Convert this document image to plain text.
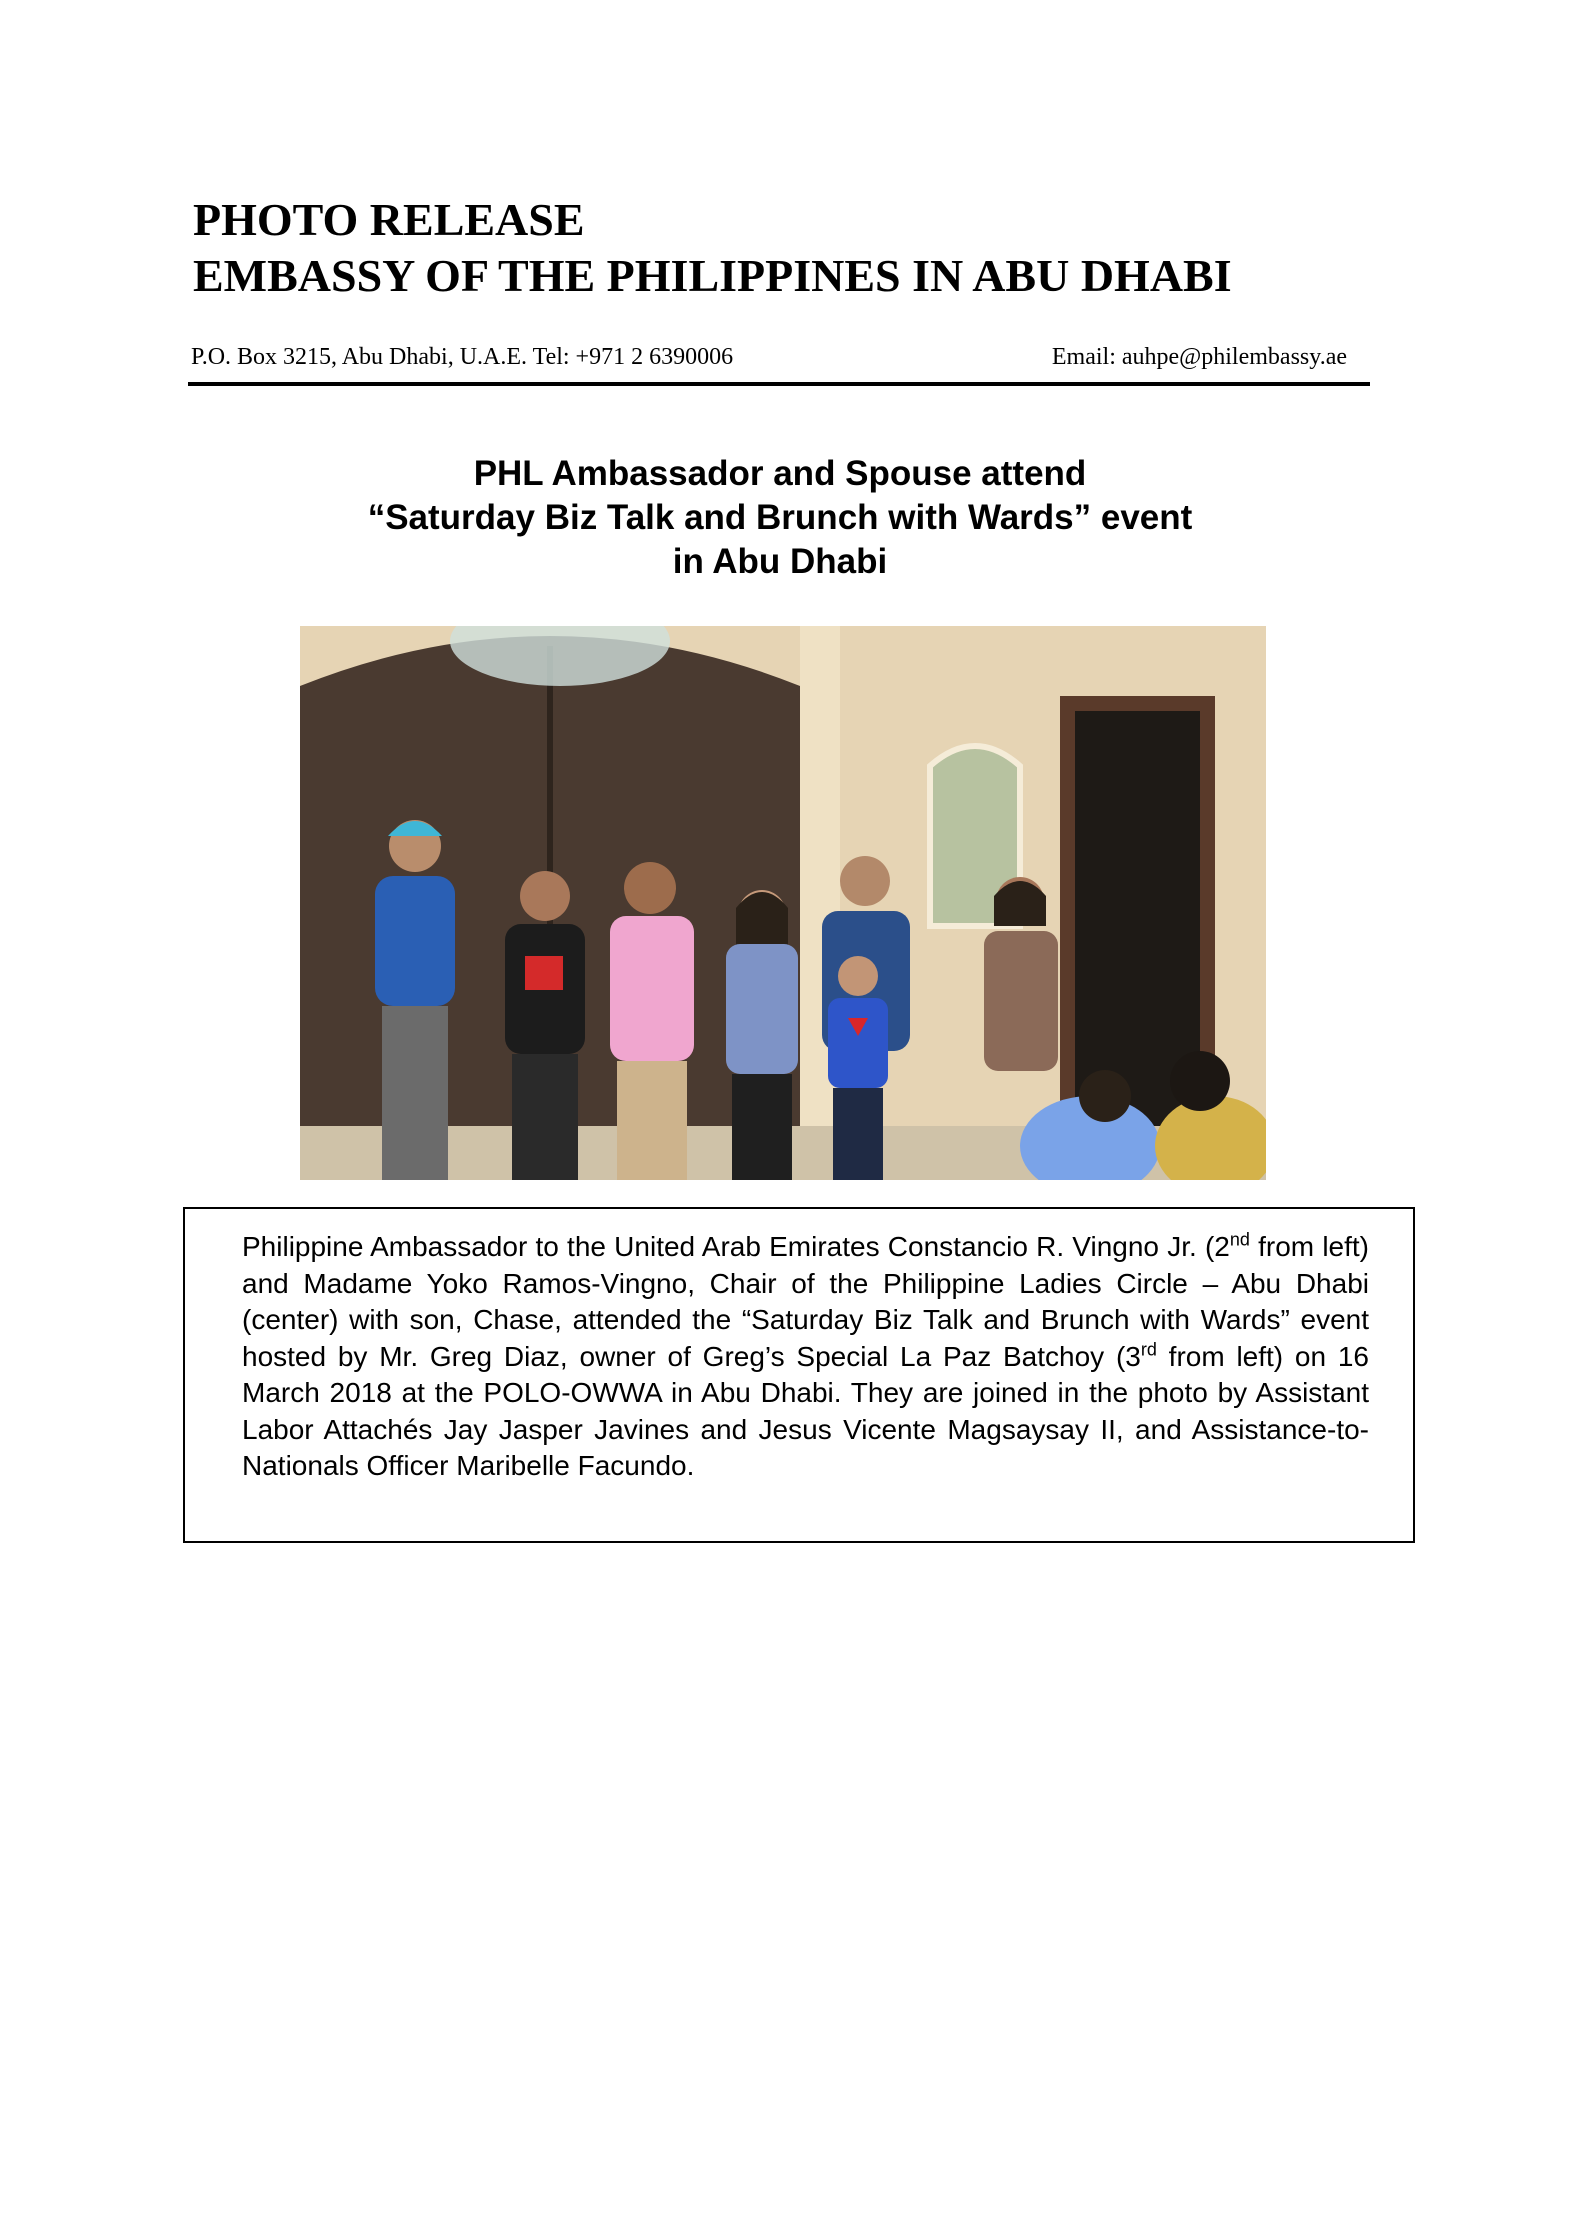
PHOTO RELEASE
EMBASSY OF THE PHILIPPINES IN ABU DHABI
P.O. Box 3215, Abu Dhabi, U.A.E. Tel: +971 2 6390006	Email: auhpe@philembassy.ae
PHL Ambassador and Spouse attend
“Saturday Biz Talk and Brunch with Wards” event
in Abu Dhabi

Philippine Ambassador to the United Arab Emirates Constancio R. Vingno Jr. (2nd from left) and Madame Yoko Ramos-Vingno, Chair of the Philippine Ladies Circle – Abu Dhabi (center) with son, Chase, attended the “Saturday Biz Talk and Brunch with Wards” event hosted by Mr. Greg Diaz, owner of Greg’s Special La Paz Batchoy (3rd from left) on 16 March 2018 at the POLO-OWWA in Abu Dhabi. They are joined in the photo by Assistant Labor Attachés Jay Jasper Javines and Jesus Vicente Magsaysay II, and Assistance-to-Nationals Officer Maribelle Facundo.
